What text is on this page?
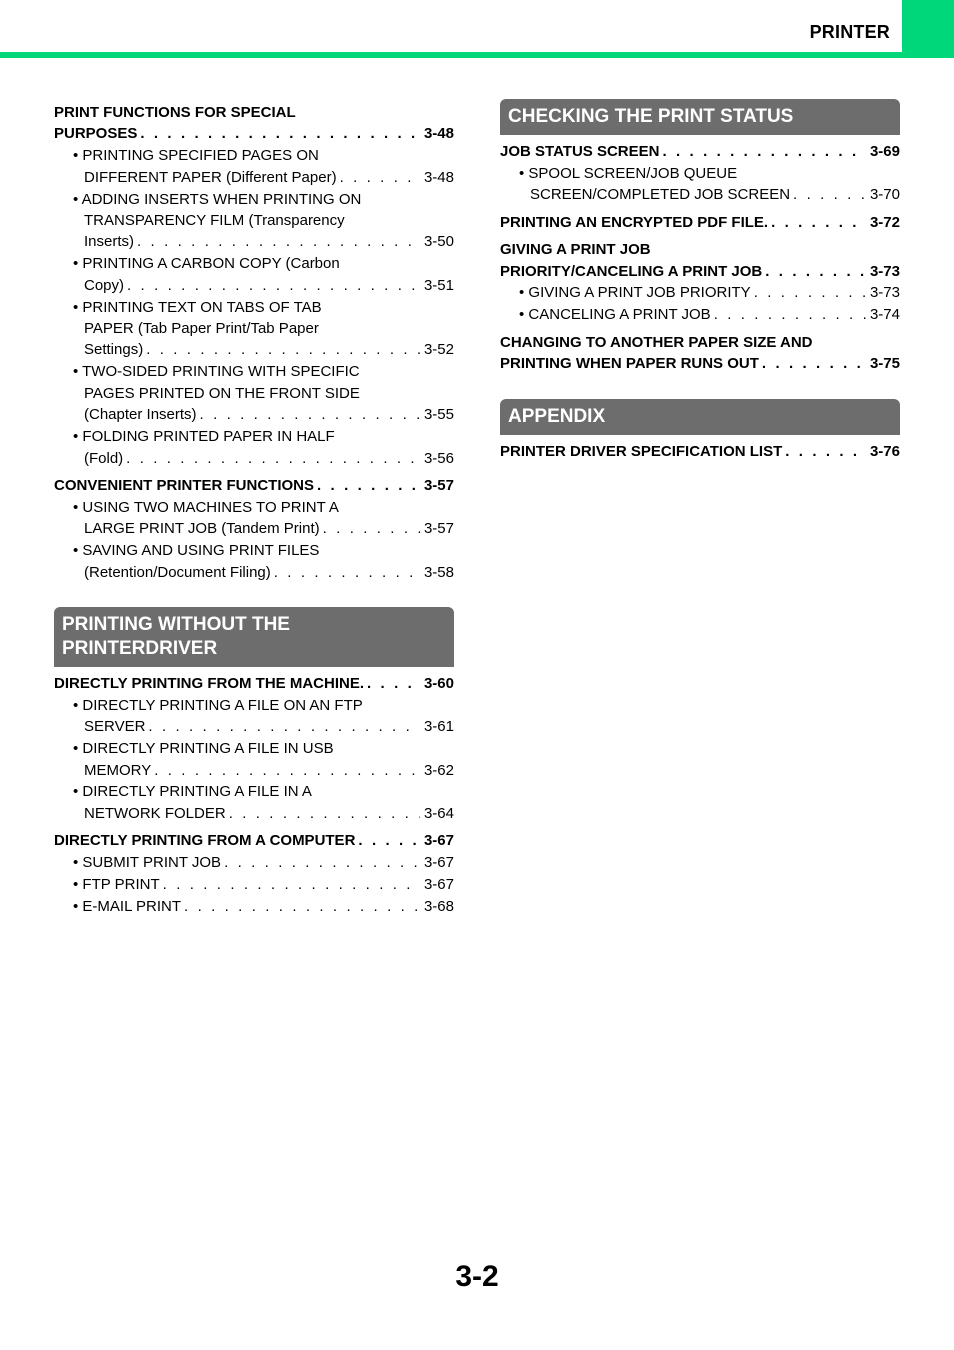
PRINTER
PRINT FUNCTIONS FOR SPECIAL
PURPOSES . . .	3-48
• PRINTING SPECIFIED PAGES ON
DIFFERENT PAPER (Different Paper) . . .	3-48
• ADDING INSERTS WHEN PRINTING ON
TRANSPARENCY FILM (Transparency
Inserts) . . .	3-50
• PRINTING A CARBON COPY (Carbon
Copy) . . .	3-51
• PRINTING TEXT ON TABS OF TAB
PAPER (Tab Paper Print/Tab Paper
Settings) . . .	3-52
• TWO-SIDED PRINTING WITH SPECIFIC
PAGES PRINTED ON THE FRONT SIDE
(Chapter Inserts) . . .	3-55
• FOLDING PRINTED PAPER IN HALF
(Fold) . . .	3-56
CONVENIENT PRINTER FUNCTIONS . . .	3-57
• USING TWO MACHINES TO PRINT A
LARGE PRINT JOB (Tandem Print) . . .	3-57
• SAVING AND USING PRINT FILES
(Retention/Document Filing) . . .	3-58
PRINTING WITHOUT THE PRINTERDRIVER
DIRECTLY PRINTING FROM THE MACHINE. . . .	3-60
• DIRECTLY PRINTING A FILE ON AN FTP
SERVER . . .	3-61
• DIRECTLY PRINTING A FILE IN USB
MEMORY . . .	3-62
• DIRECTLY PRINTING A FILE IN A
NETWORK FOLDER . . .	3-64
DIRECTLY PRINTING FROM A COMPUTER . . .	3-67
• SUBMIT PRINT JOB . . .	3-67
• FTP PRINT . . .	3-67
• E-MAIL PRINT . . .	3-68
CHECKING THE PRINT STATUS
JOB STATUS SCREEN . . .	3-69
• SPOOL SCREEN/JOB QUEUE
SCREEN/COMPLETED JOB SCREEN . . .	3-70
PRINTING AN ENCRYPTED PDF FILE. . . .	3-72
GIVING A PRINT JOB
PRIORITY/CANCELING A PRINT JOB . . .	3-73
• GIVING A PRINT JOB PRIORITY . . .	3-73
• CANCELING A PRINT JOB . . .	3-74
CHANGING TO ANOTHER PAPER SIZE AND
PRINTING WHEN PAPER RUNS OUT . . .	3-75
APPENDIX
PRINTER DRIVER SPECIFICATION LIST . . .	3-76
3-2
